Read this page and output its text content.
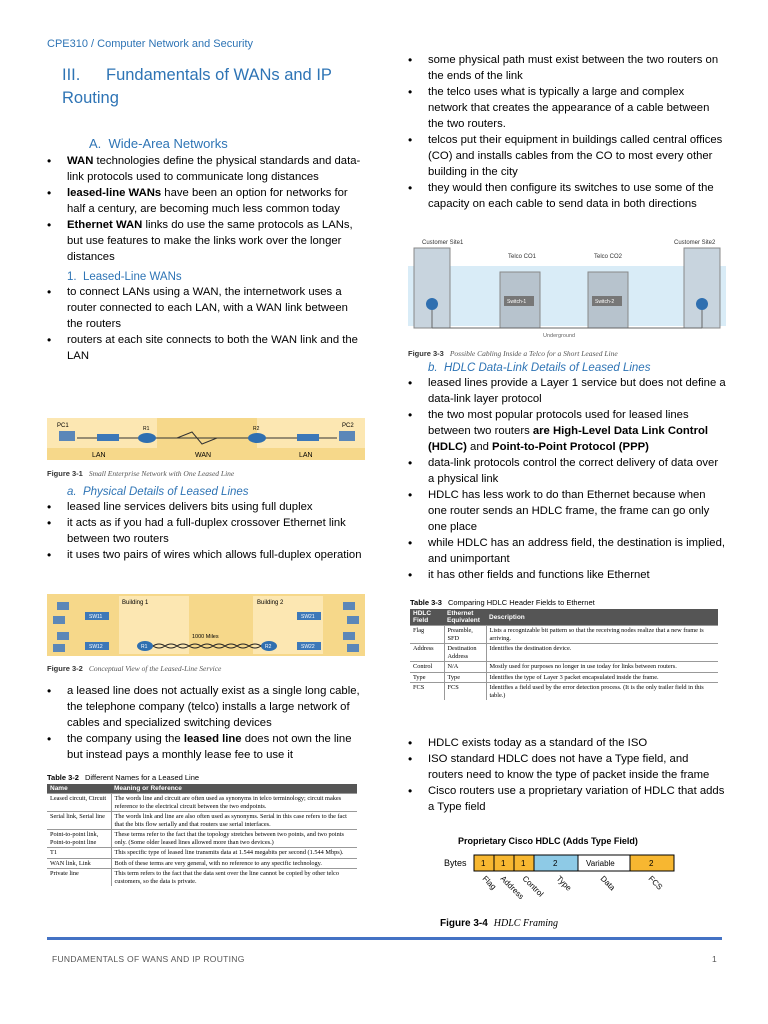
CPE310 / Computer Network and Security
III. Fundamentals of WANs and IP Routing

A.  Wide-Area Networks

• WAN technologies define the physical standards and data-link protocols used to communicate long distances
• leased-line WANs have been an option for networks for half a century, are becoming much less common today
• Ethernet WAN links do use the same protocols as LANs, but use features to make the links work over the longer distances

1.  Leased-Line WANs

• to connect LANs using a WAN, the internetwork uses a router connected to each LAN, with a WAN link between the routers
• routers at each site connects to both the WAN link and the LAN
PC1	PC2
R1	R2
LAN	WAN	LAN
Figure 3-1 Small Enterprise Network with One Leased Line

a.  Physical Details of Leased Lines

• leased line services delivers bits using full duplex
• it acts as if you had a full-duplex crossover Ethernet link between two routers
• it uses two pairs of wires which allows full-duplex operation
Building 1	Building 2
SW11
SW12
SW21
SW22
R1	R2
1000 Miles
Figure 3-2 Conceptual View of the Leased-Line Service
• a leased line does not actually exist as a single long cable, the telephone company (telco) installs a large network of cables and specialized switching devices
• the company using the leased line does not own the line but instead pays a monthly lease fee to use it
Table 3-2 Different Names for a Leased Line
Name	Meaning or Reference
Leased circuit, Circuit	The words line and circuit are often used as synonyms in telco terminology; circuit makes reference to the electrical circuit between the two endpoints.
Serial link, Serial line	The words link and line are also often used as synonyms. Serial in this case refers to the fact that the bits flow serially and that routers use serial interfaces.
Point-to-point link, Point-to-point line	These terms refer to the fact that the topology stretches between two points, and two points only. (Some older leased lines allowed more than two devices.)
T1	This specific type of leased line transmits data at 1.544 megabits per second (1.544 Mbps).
WAN link, Link	Both of these terms are very general, with no reference to any specific technology.
Private line	This term refers to the fact that the data sent over the line cannot be copied by other telco customers, so the data is private.
• some physical path must exist between the two routers on the ends of the link
• the telco uses what is typically a large and complex network that creates the appearance of a cable between the two routers.
• telcos put their equipment in buildings called central offices (CO) and installs cables from the CO to most every other building in the city
• they would then configure its switches to use some of the capacity on each cable to send data in both directions
Customer Site1
Telco CO1	Telco CO2
Customer Site2
Switch-1	Switch-2
Underground
Figure 3-3 Possible Cabling Inside a Telco for a Short Leased Line

b.  HDLC Data-Link Details of Leased Lines

• leased lines provide a Layer 1 service but does not define a data-link layer protocol
• the two most popular protocols used for leased lines between two routers are High-Level Data Link Control (HDLC) and Point-to-Point Protocol (PPP)
• data-link protocols control the correct delivery of data over a physical link
• HDLC has less work to do than Ethernet because when one router sends an HDLC frame, the frame can go only one place
• while HDLC has an address field, the destination is implied, and unimportant
• it has other fields and functions like Ethernet
Table 3-3 Comparing HDLC Header Fields to Ethernet
HDLC Field	Ethernet Equivalent	Description
Flag	Preamble, SFD	Lists a recognizable bit pattern so that the receiving nodes realize that a new frame is arriving.
Address	Destination Address	Identifies the destination device.
Control	N/A	Mostly used for purposes no longer in use today for links between routers.
Type	Type	Identifies the type of Layer 3 packet encapsulated inside the frame.
FCS	FCS	Identifies a field used by the error detection process. (It is the only trailer field in this table.)
• HDLC exists today as a standard of the ISO
• ISO standard HDLC does not have a Type field, and routers need to know the type of packet inside the frame
• Cisco routers use a proprietary variation of HDLC that adds a Type field
Proprietary Cisco HDLC (Adds Type Field)
Bytes 1 1 1	2	Variable	2
Flag Address
Control Type	Data	FCS
Figure 3-4 HDLC Framing
FUNDAMENTALS OF WANS AND IP ROUTING	1
